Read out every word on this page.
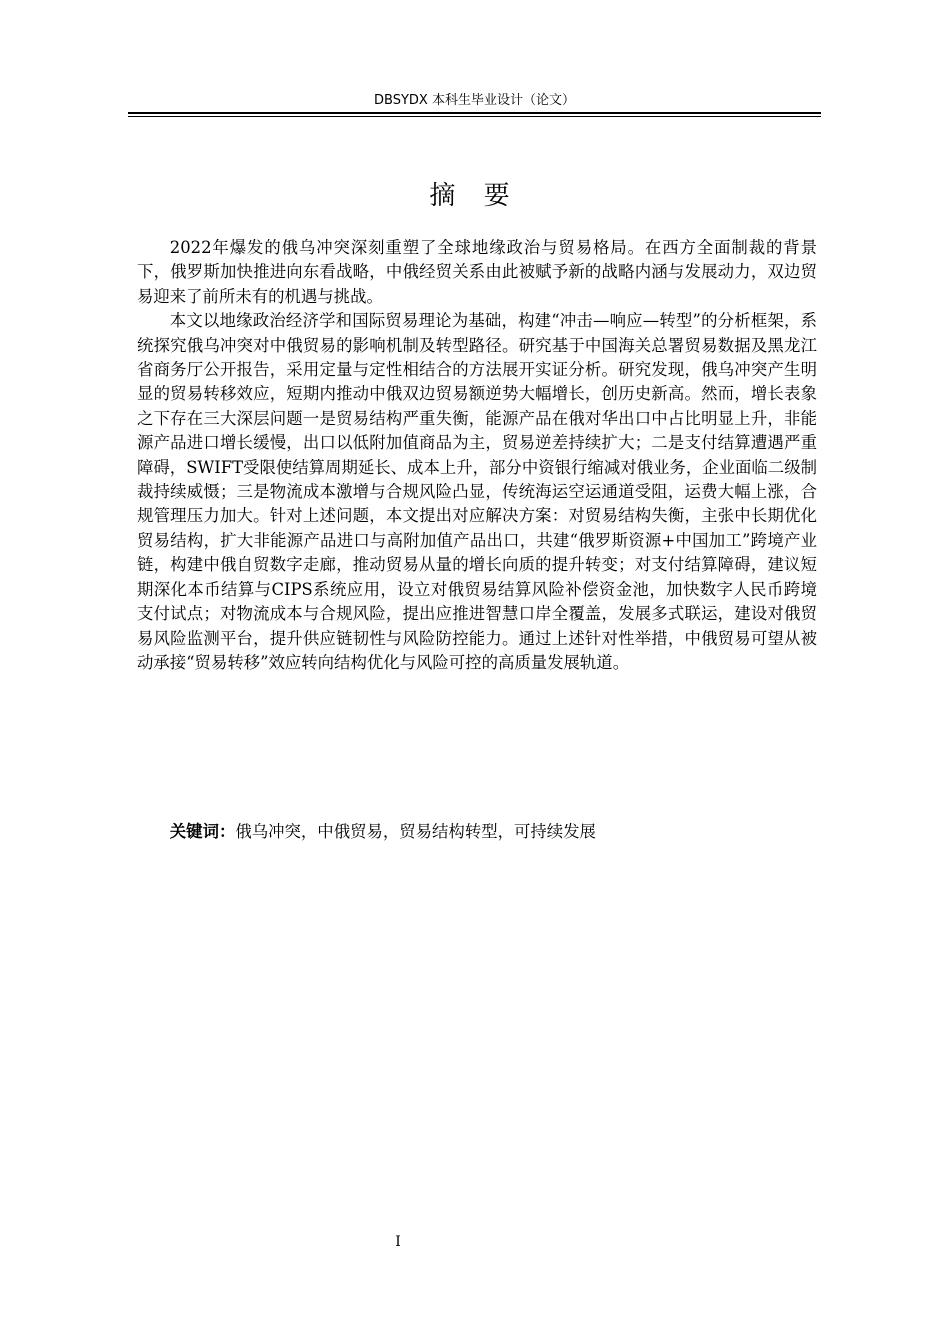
DBSYDX 本科生毕业设计（论文）
摘 要

2022年爆发的俄乌冲突深刻重塑了全球地缘政治与贸易格局。在西方全面制裁的背景下，俄罗斯加快推进向东看战略，中俄经贸关系由此被赋予新的战略内涵与发展动力，双边贸易迎来了前所未有的机遇与挑战。

本文以地缘政治经济学和国际贸易理论为基础，构建“冲击—响应—转型”的分析框架，系统探究俄乌冲突对中俄贸易的影响机制及转型路径。研究基于中国海关总署贸易数据及黑龙江省商务厅公开报告，采用定量与定性相结合的方法展开实证分析。研究发现，俄乌冲突产生明显的贸易转移效应，短期内推动中俄双边贸易额逆势大幅增长，创历史新高。然而，增长表象之下存在三大深层问题一是贸易结构严重失衡，能源产品在俄对华出口中占比明显上升，非能源产品进口增长缓慢，出口以低附加值商品为主，贸易逆差持续扩大；二是支付结算遭遇严重障碍，SWIFT受限使结算周期延长、成本上升，部分中资银行缩减对俄业务，企业面临二级制裁持续威慑；三是物流成本激增与合规风险凸显，传统海运空运通道受阻，运费大幅上涨，合规管理压力加大。针对上述问题，本文提出对应解决方案：对贸易结构失衡，主张中长期优化贸易结构，扩大非能源产品进口与高附加值产品出口，共建“俄罗斯资源+中国加工”跨境产业链，构建中俄自贸数字走廊，推动贸易从量的增长向质的提升转变；对支付结算障碍，建议短期深化本币结算与CIPS系统应用，设立对俄贸易结算风险补偿资金池，加快数字人民币跨境支付试点；对物流成本与合规风险，提出应推进智慧口岸全覆盖，发展多式联运，建设对俄贸易风险监测平台，提升供应链韧性与风险防控能力。通过上述针对性举措，中俄贸易可望从被动承接“贸易转移”效应转向结构优化与风险可控的高质量发展轨道。

关键词：俄乌冲突，中俄贸易，贸易结构转型，可持续发展
I
